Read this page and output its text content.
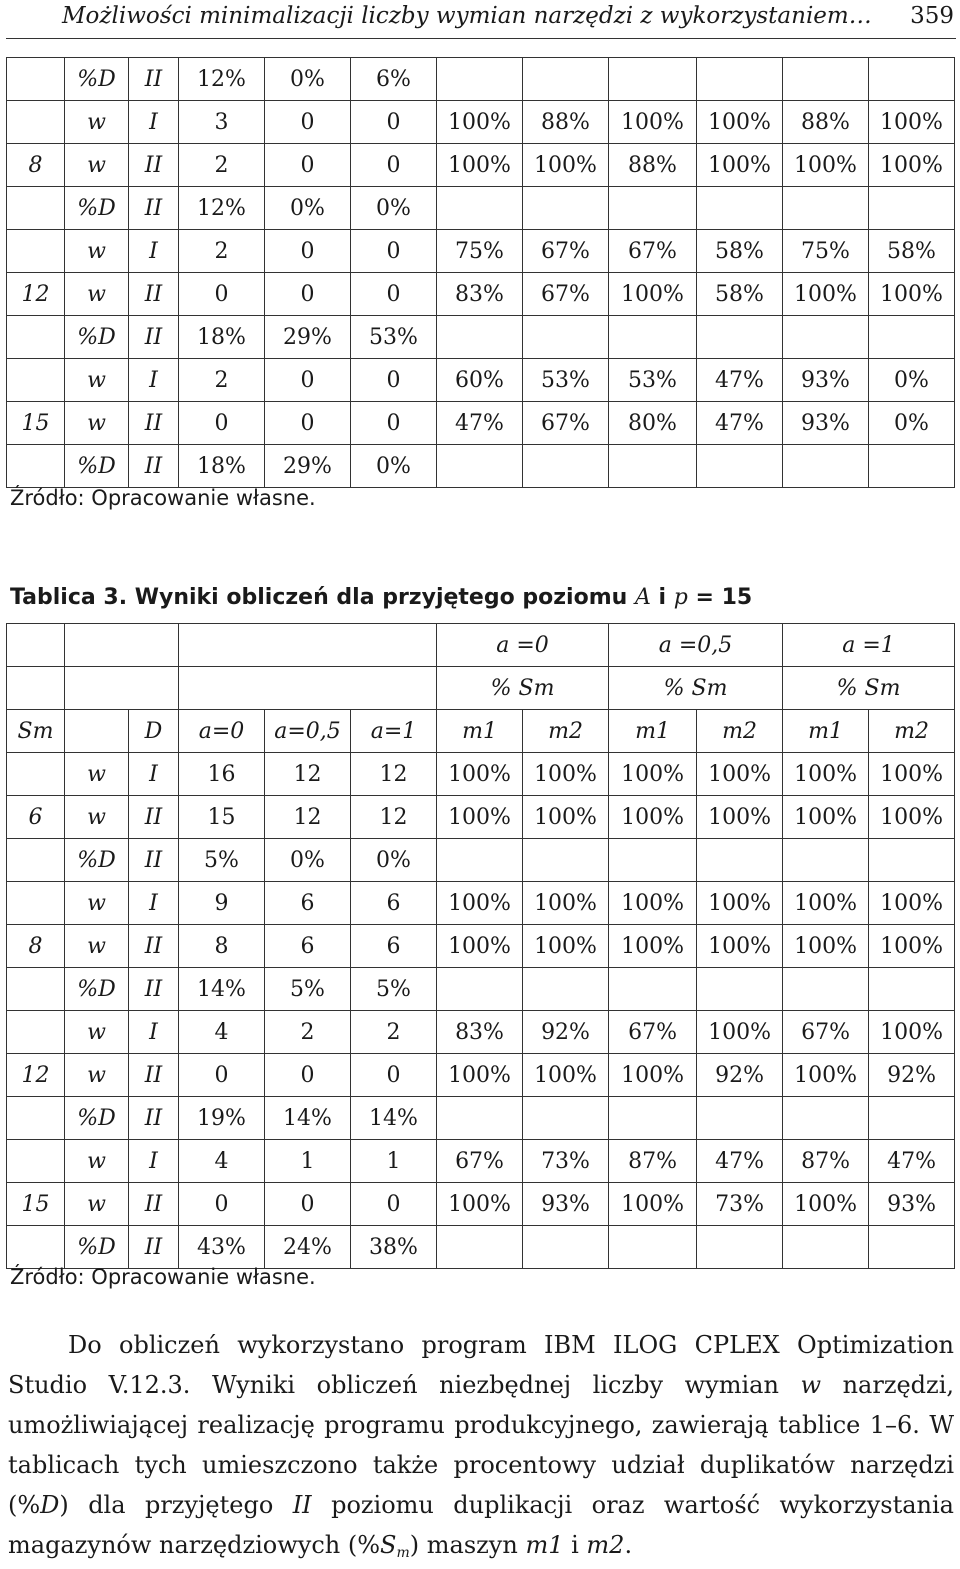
Możliwości minimalizacji liczby wymian narzędzi z wykorzystaniem… 359
	%D	II	12%	0%	6%						
	w	I	3	0	0	100%	88%	100%	100%	88%	100%
8	w	II	2	0	0	100%	100%	88%	100%	100%	100%
	%D	II	12%	0%	0%						
	w	I	2	0	0	75%	67%	67%	58%	75%	58%
12	w	II	0	0	0	83%	67%	100%	58%	100%	100%
	%D	II	18%	29%	53%						
	w	I	2	0	0	60%	53%	53%	47%	93%	0%
15	w	II	0	0	0	47%	67%	80%	47%	93%	0%
	%D	II	18%	29%	0%						
Źródło: Opracowanie własne.
Tablica 3. Wyniki obliczeń dla przyjętego poziomu A i p = 15
						a =0		a =0,5		a =1	
						% Sm		% Sm		% Sm	
Sm		D	a=0	a=0,5	a=1	m1	m2	m1	m2	m1	m2
	w	I	16	12	12	100%	100%	100%	100%	100%	100%
6	w	II	15	12	12	100%	100%	100%	100%	100%	100%
	%D	II	5%	0%	0%						
	w	I	9	6	6	100%	100%	100%	100%	100%	100%
8	w	II	8	6	6	100%	100%	100%	100%	100%	100%
	%D	II	14%	5%	5%						
	w	I	4	2	2	83%	92%	67%	100%	67%	100%
12	w	II	0	0	0	100%	100%	100%	92%	100%	92%
	%D	II	19%	14%	14%						
	w	I	4	1	1	67%	73%	87%	47%	87%	47%
15	w	II	0	0	0	100%	93%	100%	73%	100%	93%
	%D	II	43%	24%	38%						
Źródło: Opracowanie własne.

Do obliczeń wykorzystano program IBM ILOG CPLEX Optimization Studio V.12.3. Wyniki obliczeń niezbędnej liczby wymian w narzędzi, umożliwiającej realizację programu produkcyjnego, zawierają tablice 1–6. W tablicach tych umieszczono także procentowy udział duplikatów narzędzi (%D) dla przyjętego II poziomu duplikacji oraz wartość wykorzystania magazynów narzędziowych $(\%S_m)$ maszyn m1 i m2.
